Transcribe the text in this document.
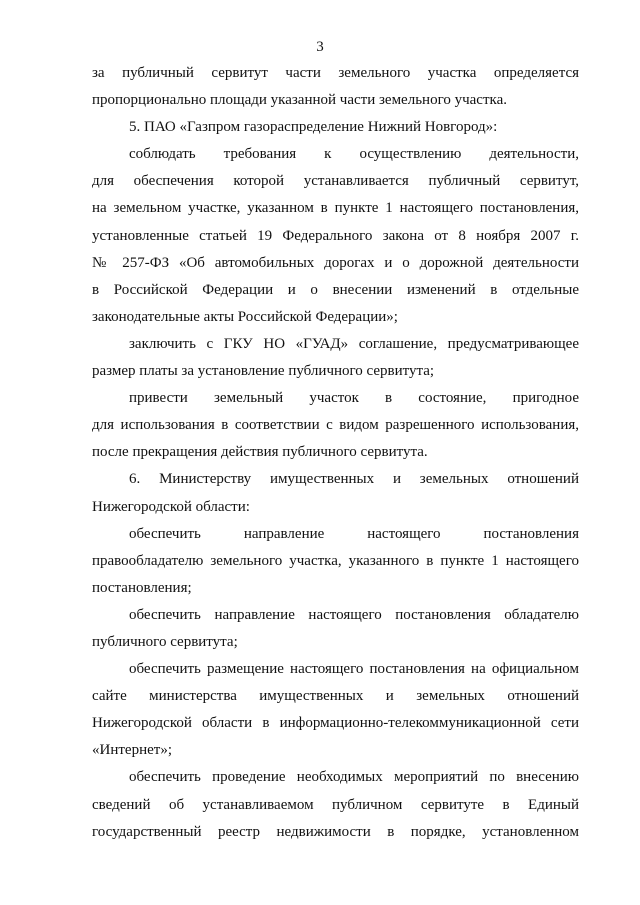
3
за публичный сервитут части земельного участка определяется
пропорционально площади указанной части земельного участка.
5. ПАО «Газпром газораспределение Нижний Новгород»:
соблюдать требования к осуществлению деятельности,
для обеспечения которой устанавливается публичный сервитут,
на земельном участке, указанном в пункте 1 настоящего постановления,
установленные статьей 19 Федерального закона от 8 ноября 2007 г.
№ 257-ФЗ «Об автомобильных дорогах и о дорожной деятельности
в Российской Федерации и о внесении изменений в отдельные
законодательные акты Российской Федерации»;
заключить с ГКУ НО «ГУАД» соглашение, предусматривающее
размер платы за установление публичного сервитута;
привести земельный участок в состояние, пригодное
для использования в соответствии с видом разрешенного использования,
после прекращения действия публичного сервитута.
6. Министерству имущественных и земельных отношений
Нижегородской области:
обеспечить направление настоящего постановления
правообладателю земельного участка, указанного в пункте 1 настоящего
постановления;
обеспечить направление настоящего постановления обладателю
публичного сервитута;
обеспечить размещение настоящего постановления на официальном
сайте министерства имущественных и земельных отношений
Нижегородской области в информационно-телекоммуникационной сети
«Интернет»;
обеспечить проведение необходимых мероприятий по внесению
сведений об устанавливаемом публичном сервитуте в Единый
государственный реестр недвижимости в порядке, установленном
